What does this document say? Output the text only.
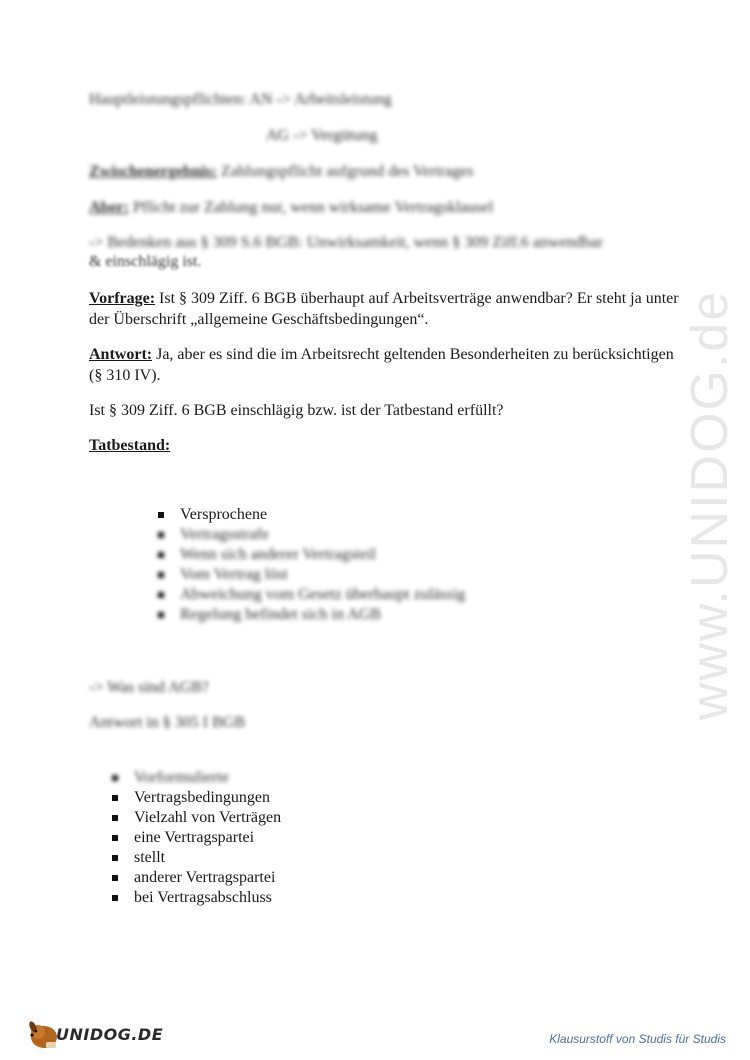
www.UNIDOG.de
Hauptleistungspflichten: AN -> Arbeitsleistung
AG -> Vergütung
Zwischenergebnis: Zahlungspflicht aufgrund des Vertrages
Aber: Pflicht zur Zahlung nur, wenn wirksame Vertragsklausel
-> Bedenken aus § 309 S.6 BGB: Unwirksamkeit, wenn § 309 Ziff.6 anwendbar
& einschlägig ist.
Vorfrage: Ist § 309 Ziff. 6 BGB überhaupt auf Arbeitsverträge anwendbar? Er steht ja unter der Überschrift „allgemeine Geschäftsbedingungen“.
Antwort: Ja, aber es sind die im Arbeitsrecht geltenden Besonderheiten zu berücksichtigen (§ 310 IV).
Ist § 309 Ziff. 6 BGB einschlägig bzw. ist der Tatbestand erfüllt?
Tatbestand:
Versprochene
Vertragsstrafe
Wenn sich anderer Vertragsteil
Vom Vertrag löst
Abweichung vom Gesetz überhaupt zulässig
Regelung befindet sich in AGB
-> Was sind AGB?
Antwort in § 305 I BGB
Vorformulierte
Vertragsbedingungen
Vielzahl von Verträgen
eine Vertragspartei
stellt
anderer Vertragspartei
bei Vertragsabschluss
UNIDOG.DE	Klausurstoff von Studis für Studis
